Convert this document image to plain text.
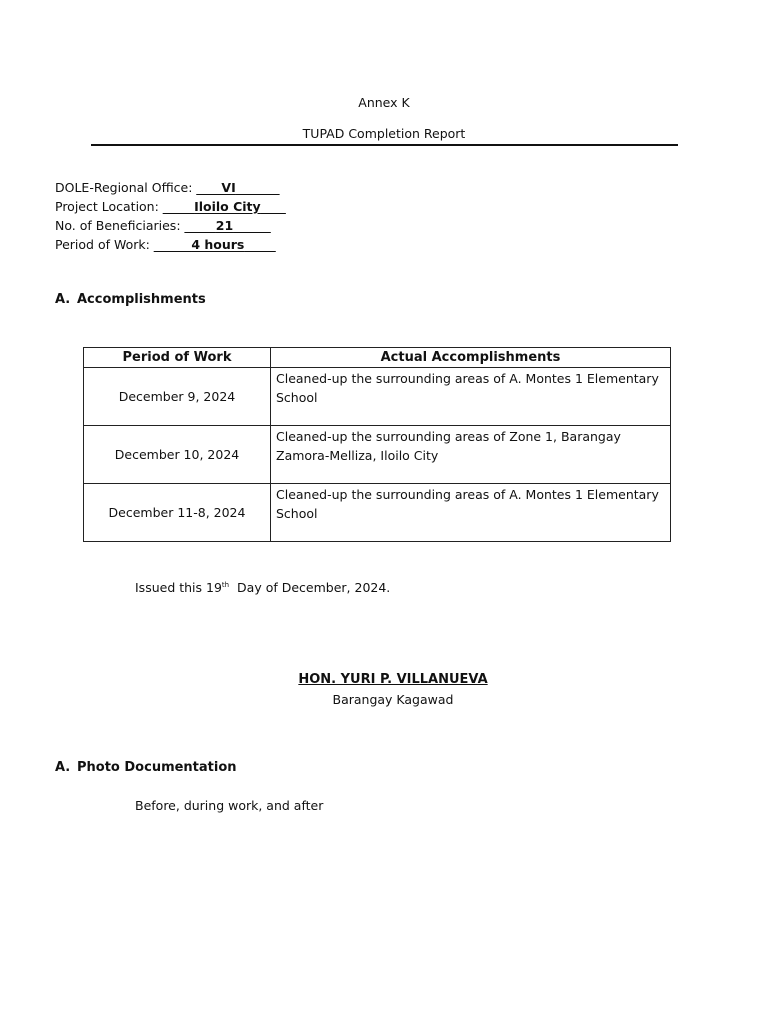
Annex K
TUPAD Completion Report
DOLE-Regional Office: ____VI_______
Project Location: _____Iloilo City____
No. of Beneficiaries: _____21______
Period of Work: ______4 hours_____
A. Accomplishments
Period of Work	Actual Accomplishments
December 9, 2024	Cleaned-up the surrounding areas of A. Montes 1 Elementary School
December 10, 2024	Cleaned-up the surrounding areas of Zone 1, Barangay Zamora-Melliza, Iloilo City
December 11-8, 2024	Cleaned-up the surrounding areas of A. Montes 1 Elementary School
Issued this 19th  Day of December, 2024.
HON. YURI P. VILLANUEVA
Barangay Kagawad
A. Photo Documentation
Before, during work, and after
